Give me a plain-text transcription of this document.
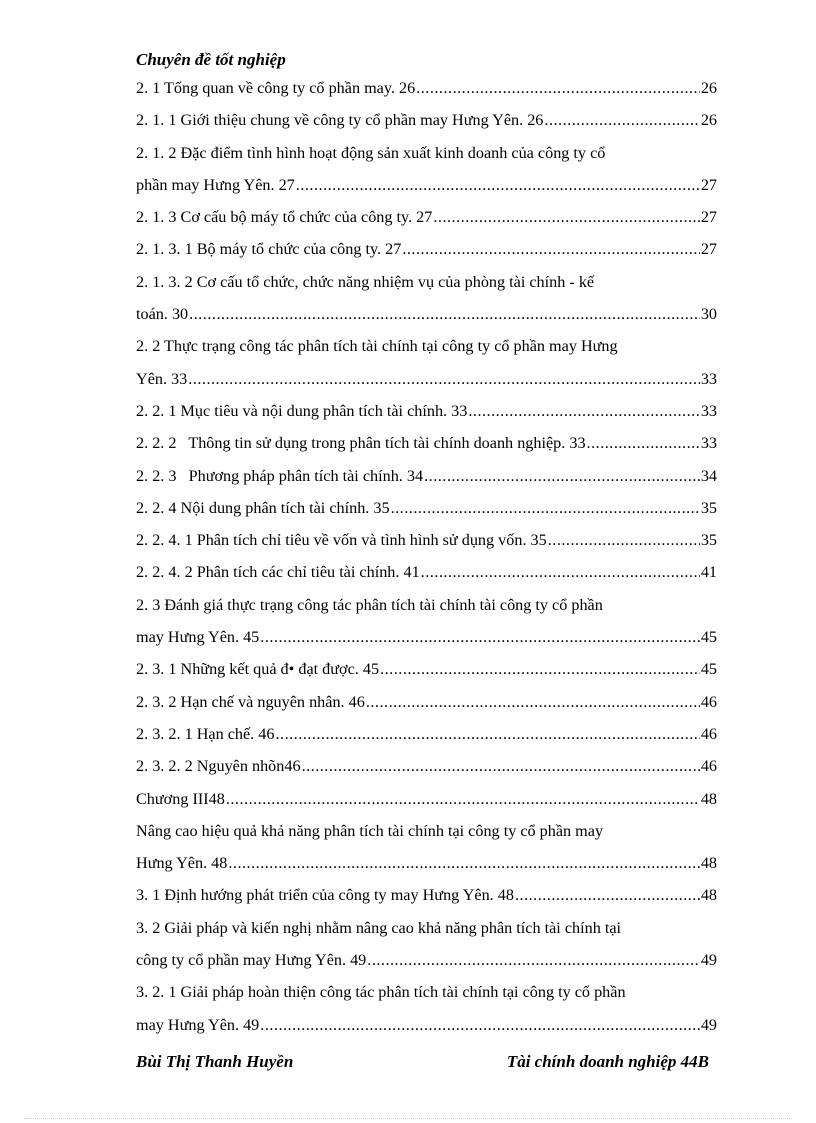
Chuyên đề tốt nghiệp
2. 1 Tổng quan về công ty cổ phần may. 26 .....	26
2. 1. 1 Giới thiệu chung về công ty cổ phần may Hưng Yên. 26 .....	26
2. 1. 2 Đặc điểm tình hình hoạt động sản xuất kinh doanh của công ty cổ
phần may Hưng Yên. 27 .....	27
2. 1. 3 Cơ cấu bộ máy tổ chức của công ty. 27 .....	27
2. 1. 3. 1 Bộ máy tổ chức của công ty. 27 .....	27
2. 1. 3. 2 Cơ cấu tổ chức, chức năng nhiệm vụ của phòng tài chính - kế
toán. 30 .....	30
2. 2 Thực trạng công tác phân tích tài chính tại công ty cổ phần may Hưng
Yên. 33 .....	33
2. 2. 1 Mục tiêu và nội dung phân tích tài chính. 33 .....	33
2. 2. 2   Thông tin sử dụng trong phân tích tài chính doanh nghiệp. 33 .....	33
2. 2. 3   Phương pháp phân tích tài chính. 34 .....	34
2. 2. 4 Nội dung phân tích tài chính. 35 .....	35
2. 2. 4. 1 Phân tích chỉ tiêu về vốn và tình hình sử dụng vốn. 35 .....	35
2. 2. 4. 2 Phân tích các chỉ tiêu tài chính. 41 .....	41
2. 3 Đánh giá thực trạng công tác phân tích tài chính tài công ty cổ phần
may Hưng Yên. 45 .....	45
2. 3. 1 Những kết quả đ• đạt được. 45 .....	45
2. 3. 2 Hạn chế và nguyên nhân. 46 .....	46
2. 3. 2. 1 Hạn chế. 46 .....	46
2. 3. 2. 2 Nguyên nhõn46 .....	46
Chương III48 .....	48
Nâng cao hiệu quả khả năng phân tích tài chính tại công ty cổ phần may
Hưng Yên. 48 .....	48
3. 1 Định hướng phát triển của công ty may Hưng Yên. 48 .....	48
3. 2 Giải pháp và kiến nghị nhằm nâng cao khả năng phân tích tài chính tại
công ty cổ phần may Hưng Yên. 49 .....	49
3. 2. 1 Giải pháp hoàn thiện công tác phân tích tài chính tại công ty cổ phần
may Hưng Yên. 49 .....	49
Bùi Thị Thanh Huyền	Tài chính doanh nghiệp 44B
